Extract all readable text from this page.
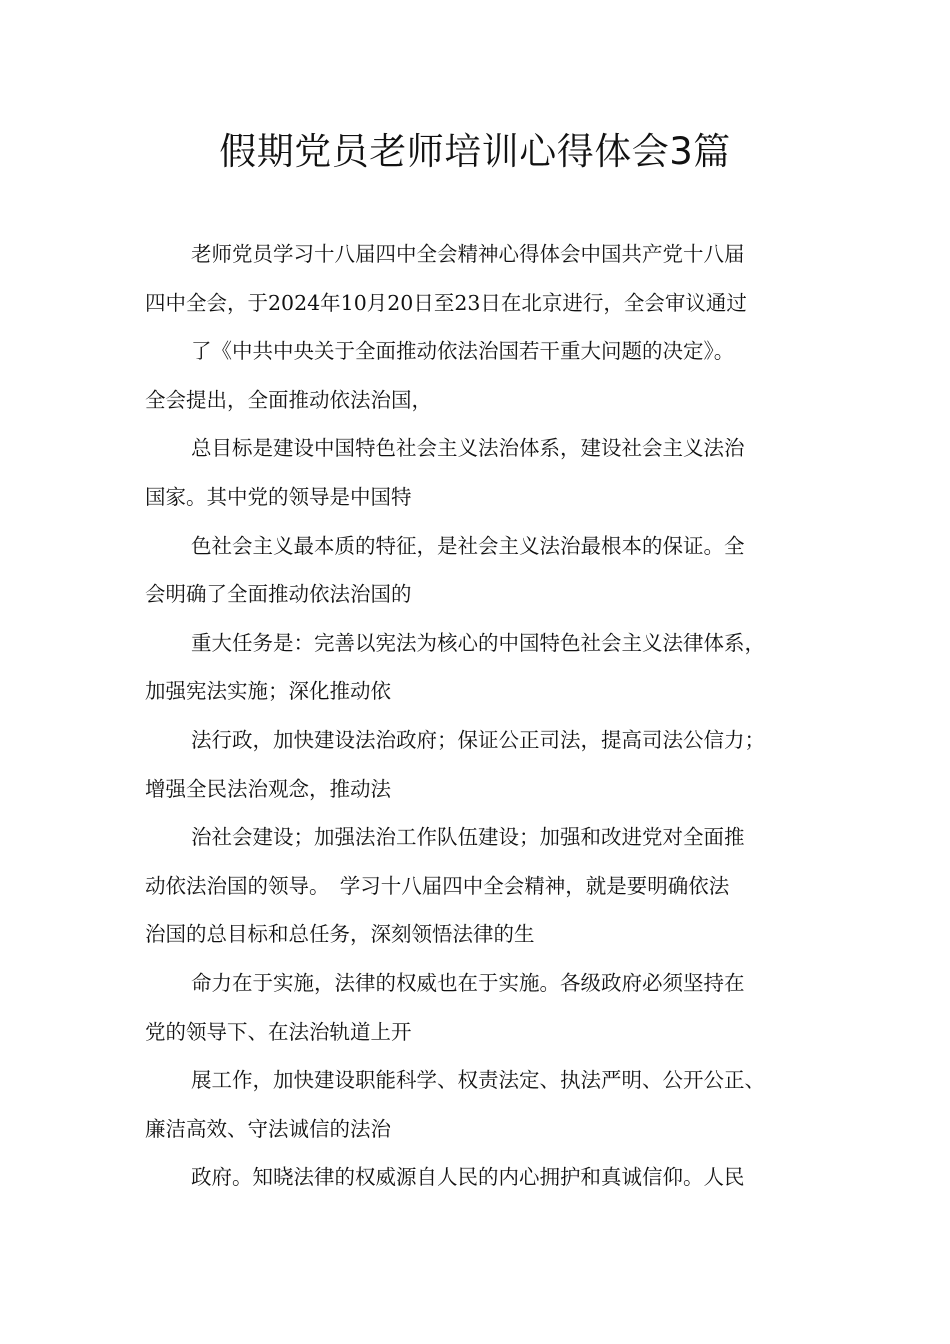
假期党员老师培训心得体会3篇
老师党员学习十八届四中全会精神心得体会中国共产党十八届
四中全会，于2024年10月20日至23日在北京进行，全会审议通过
了《中共中央关于全面推动依法治国若干重大问题的决定》。
全会提出，全面推动依法治国，
总目标是建设中国特色社会主义法治体系，建设社会主义法治
国家。其中党的领导是中国特
色社会主义最本质的特征，是社会主义法治最根本的保证。全
会明确了全面推动依法治国的
重大任务是：完善以宪法为核心的中国特色社会主义法律体系，
加强宪法实施；深化推动依
法行政，加快建设法治政府；保证公正司法，提高司法公信力；
增强全民法治观念，推动法
治社会建设；加强法治工作队伍建设；加强和改进党对全面推
动依法治国的领导。　学习十八届四中全会精神，就是要明确依法
治国的总目标和总任务，深刻领悟法律的生
命力在于实施，法律的权威也在于实施。各级政府必须坚持在
党的领导下、在法治轨道上开
展工作，加快建设职能科学、权责法定、执法严明、公开公正、
廉洁高效、守法诚信的法治
政府。知晓法律的权威源自人民的内心拥护和真诚信仰。人民
